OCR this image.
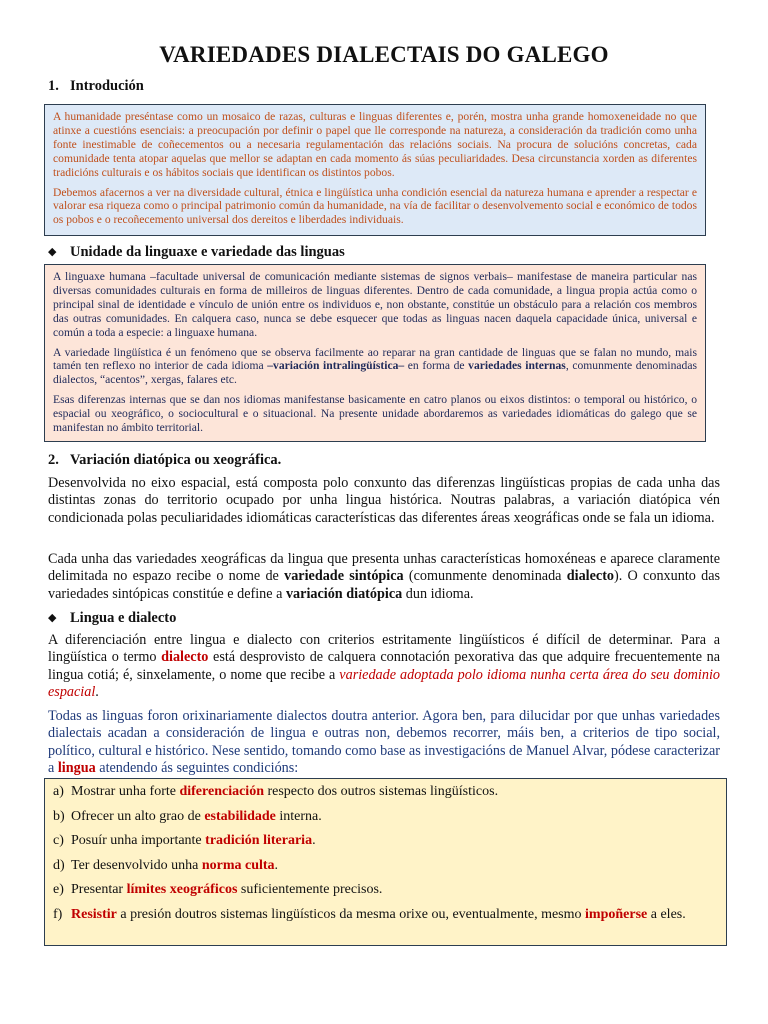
VARIEDADES DIALECTAIS DO GALEGO
1. Introdución

A humanidade preséntase como un mosaico de razas, culturas e linguas diferentes e, porén, mostra unha grande homoxeneidade no que atinxe a cuestións esenciais: a preocupación por definir o papel que lle corresponde na natureza, a consideración da tradición como unha fonte inestimable de coñecementos ou a necesaria regulamentación das relacións sociais. Na procura de solucións concretas, cada comunidade tenta atopar aquelas que mellor se adaptan en cada momento ás súas peculiaridades. Desa circunstancia xorden as diferentes tradicións culturais e os hábitos sociais que identifican os distintos pobos.

Debemos afacernos a ver na diversidade cultural, étnica e lingüística unha condición esencial da natureza humana e aprender a respectar e valorar esa riqueza como o principal patrimonio común da humanidade, na vía de facilitar o desenvolvemento social e económico de todos os pobos e o recoñecemento universal dos dereitos e liberdades individuais.

◆ Unidade da linguaxe e variedade das linguas

A linguaxe humana –facultade universal de comunicación mediante sistemas de signos verbais– manifestase de maneira particular nas diversas comunidades culturais en forma de milleiros de linguas diferentes. Dentro de cada comunidade, a lingua propia actúa como o principal sinal de identidade e vínculo de unión entre os individuos e, non obstante, constitúe un obstáculo para a relación cos membros das outras comunidades. En calquera caso, nunca se debe esquecer que todas as linguas nacen daquela capacidade única, universal e común a toda a especie: a linguaxe humana.

A variedade lingüística é un fenómeno que se observa facilmente ao reparar na gran cantidade de linguas que se falan no mundo, mais tamén ten reflexo no interior de cada idioma –variación intralingüística– en forma de variedades internas, comunmente denominadas dialectos, “acentos”, xergas, falares etc.

Esas diferenzas internas que se dan nos idiomas manifestanse basicamente en catro planos ou eixos distintos: o temporal ou histórico, o espacial ou xeográfico, o sociocultural e o situacional. Na presente unidade abordaremos as variedades idiomáticas do galego que se manifestan no ámbito territorial.

2. Variación diatópica ou xeográfica.

Desenvolvida no eixo espacial, está composta polo conxunto das diferenzas lingüísticas propias de cada unha das distintas zonas do territorio ocupado por unha lingua histórica. Noutras palabras, a variación diatópica vén condicionada polas peculiaridades idiomáticas características das diferentes áreas xeográficas onde se fala un idioma.

Cada unha das variedades xeográficas da lingua que presenta unhas características homoxéneas e aparece claramente delimitada no espazo recibe o nome de variedade sintópica (comunmente denominada dialecto). O conxunto das variedades sintópicas constitúe e define a variación diatópica dun idioma.

◆ Lingua e dialecto

A diferenciación entre lingua e dialecto con criterios estritamente lingüísticos é difícil de determinar. Para a lingüística o termo dialecto está desprovisto de calquera connotación pexorativa das que adquire frecuentemente na lingua cotiá; é, sinxelamente, o nome que recibe a variedade adoptada polo idioma nunha certa área do seu dominio espacial.

Todas as linguas foron orixinariamente dialectos doutra anterior. Agora ben, para dilucidar por que unhas variedades dialectais acadan a consideración de lingua e outras non, debemos recorrer, máis ben, a criterios de tipo social, político, cultural e histórico. Nese sentido, tomando como base as investigacións de Manuel Alvar, pódese caracterizar a lingua atendendo ás seguintes condicións:

a) Mostrar unha forte diferenciación respecto dos outros sistemas lingüísticos.
b) Ofrecer un alto grao de estabilidade interna.
c) Posuír unha importante tradición literaria.
d) Ter desenvolvido unha norma culta.
e) Presentar límites xeográficos suficientemente precisos.
f) Resistir a presión doutros sistemas lingüísticos da mesma orixe ou, eventualmente, mesmo impoñerse a eles.
